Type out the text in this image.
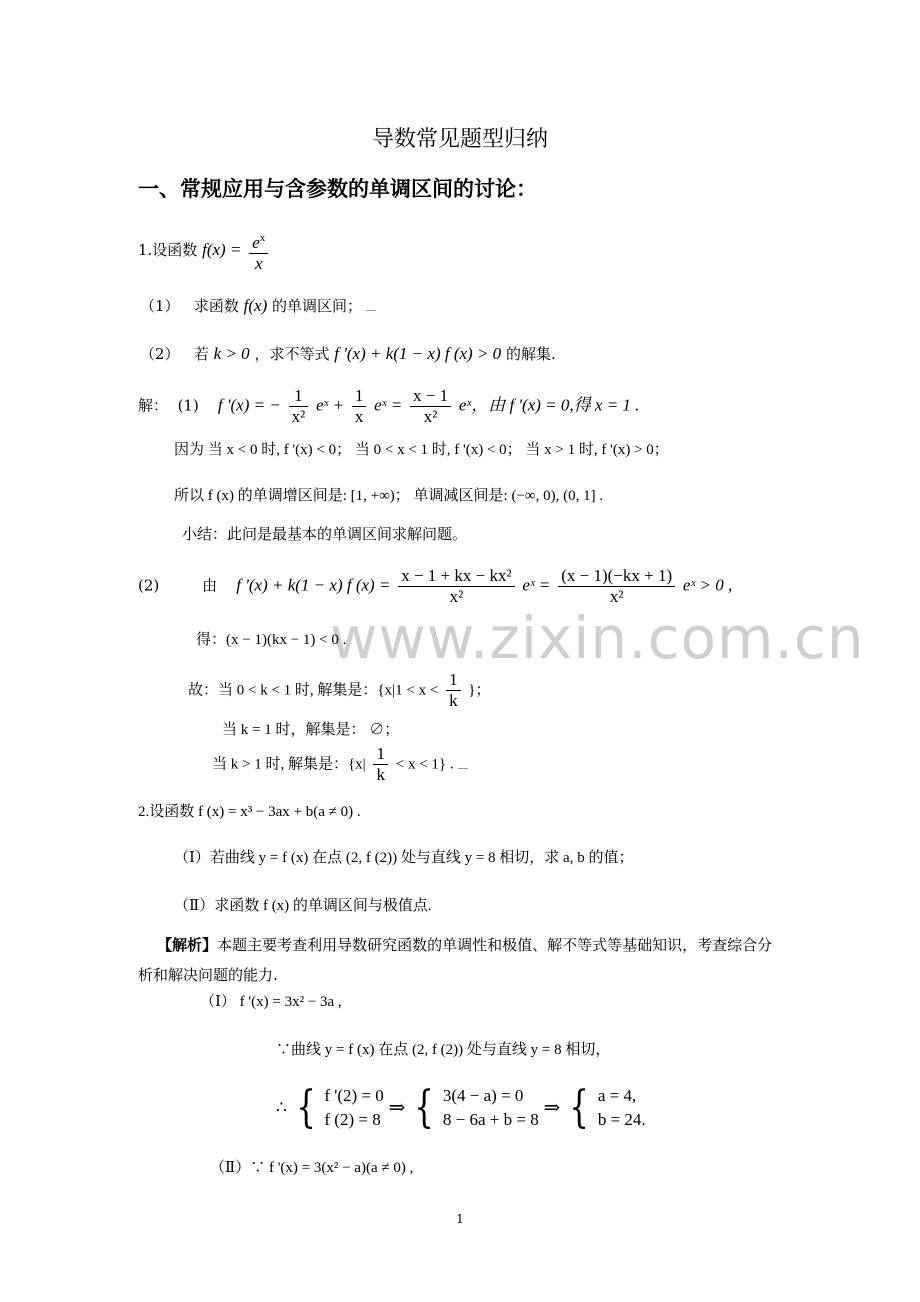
www.zixin.com.cn
导数常见题型归纳
一、常规应用与含参数的单调区间的讨论：
1.设函数 $f(x) = \frac{e^x}{x}$
（1） 求函数 f(x) 的单调区间；
（2） 若 k > 0 ，求不等式 f '(x) + k(1 − x) f (x) > 0 的解集.
解： (1) f '(x) = − $\frac{1}{\text{x²}}$ eˣ + $\frac{1}{x}$ eˣ = $\frac{x - 1}{\text{x²}}$ eˣ，由 f '(x) = 0,得 x = 1 .
因为 当 x < 0 时, f '(x) < 0； 当 0 < x < 1 时, f '(x) < 0； 当 x > 1 时, f '(x) > 0；
所以 f (x) 的单调增区间是: [1, +∞)； 单调减区间是: (−∞, 0), (0, 1] .
小结：此问是最基本的单调区间求解问题。
(2)	由 f '(x) + k(1 − x) f $(x) = \frac{\text{x − 1 + kx − kx²}}{\text{x²}}$ eˣ = $\frac{(x - 1)(-kx + 1)}{\text{x²}}$ eˣ > 0 ,
得：(x − 1)(kx − 1) < 0 .
故：当 0 < k < 1 时, 解集是：{$x|1 < x < \frac{1}{k}$ }；
当 k = 1 时，解集是： ∅；
当 k > 1 时, 解集是：$\{x| \frac{1}{k} < x < 1\}$ .
2.设函数 f (x) = x³ − 3ax + b(a ≠ 0) .
（Ⅰ）若曲线 y = f (x) 在点 (2, f (2)) 处与直线 y = 8 相切，求 a, b 的值；
（Ⅱ）求函数 f (x) 的单调区间与极值点.
【解析】本题主要考查利用导数研究函数的单调性和极值、解不等式等基础知识，考查综合分析和解决问题的能力.
（Ⅰ） f '(x) = 3x² − 3a ,
∵曲线 y = f (x) 在点 (2, f (2)) 处与直线 y = 8 相切，
∴ { f '(2) = 0
f (2) = 8
⇒ { 3(4 − a) = 0
8 − 6a + b = 8
⇒ { a = 4,
b = 24.
（Ⅱ）∵ f '(x) = 3(x² − a)(a ≠ 0) ,
1
